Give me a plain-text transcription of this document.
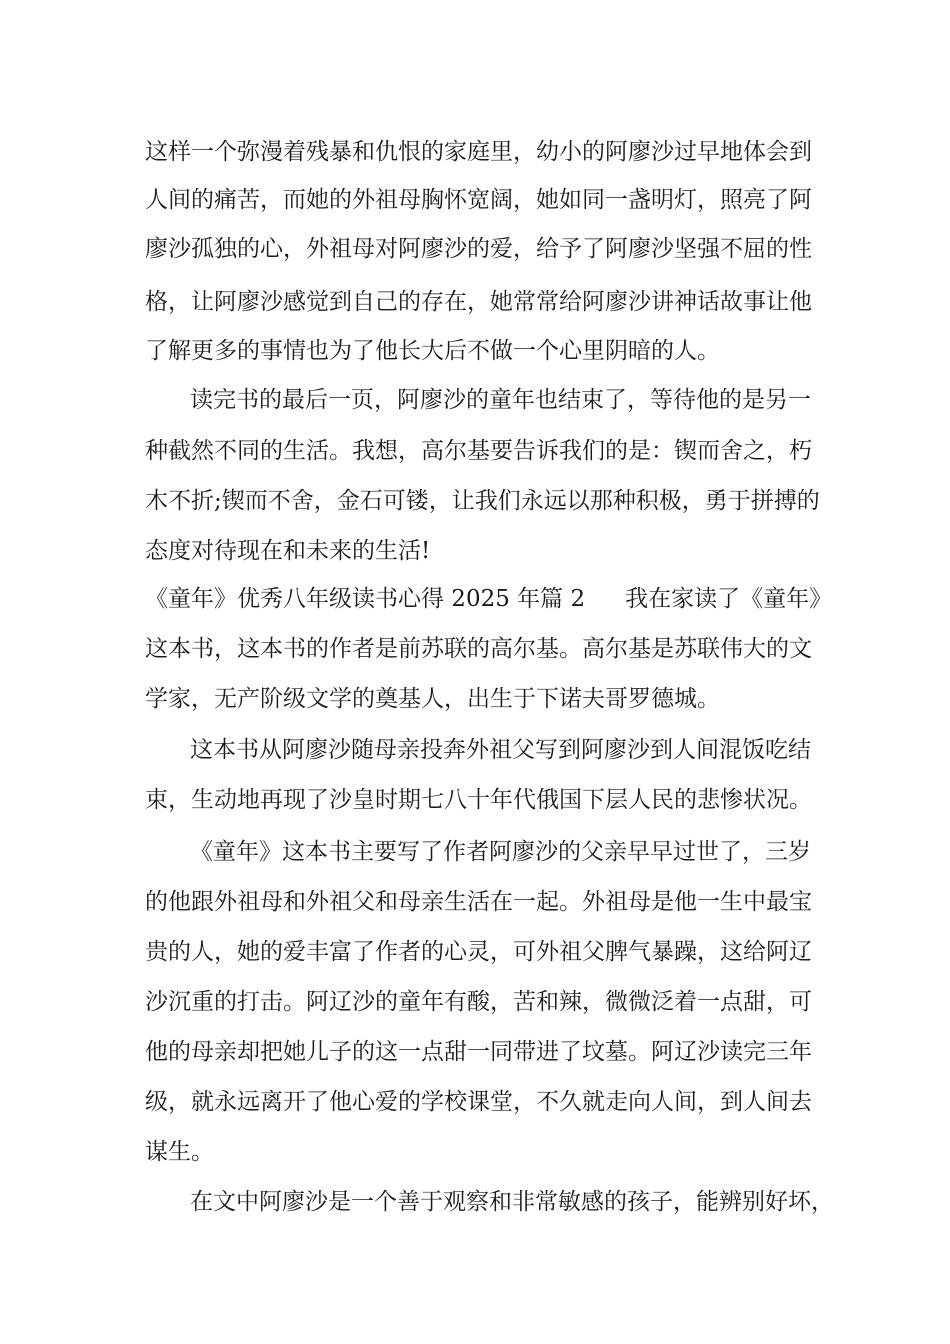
这样一个弥漫着残暴和仇恨的家庭里，幼小的阿廖沙过早地体会到
人间的痛苦，而她的外祖母胸怀宽阔，她如同一盏明灯，照亮了阿
廖沙孤独的心，外祖母对阿廖沙的爱，给予了阿廖沙坚强不屈的性
格，让阿廖沙感觉到自己的存在，她常常给阿廖沙讲神话故事让他
了解更多的事情也为了他长大后不做一个心里阴暗的人。
读完书的最后一页，阿廖沙的童年也结束了，等待他的是另一
种截然不同的生活。我想，高尔基要告诉我们的是：锲而舍之，朽
木不折;锲而不舍，金石可镂，让我们永远以那种积极，勇于拼搏的
态度对待现在和未来的生活!
《童年》优秀八年级读书心得 2025 年篇 2 我在家读了《童年》
这本书，这本书的作者是前苏联的高尔基。高尔基是苏联伟大的文
学家，无产阶级文学的奠基人，出生于下诺夫哥罗德城。
这本书从阿廖沙随母亲投奔外祖父写到阿廖沙到人间混饭吃结
束，生动地再现了沙皇时期七八十年代俄国下层人民的悲惨状况。
《童年》这本书主要写了作者阿廖沙的父亲早早过世了，三岁
的他跟外祖母和外祖父和母亲生活在一起。外祖母是他一生中最宝
贵的人，她的爱丰富了作者的心灵，可外祖父脾气暴躁，这给阿辽
沙沉重的打击。阿辽沙的童年有酸，苦和辣，微微泛着一点甜，可
他的母亲却把她儿子的这一点甜一同带进了坟墓。阿辽沙读完三年
级，就永远离开了他心爱的学校课堂，不久就走向人间，到人间去
谋生。
在文中阿廖沙是一个善于观察和非常敏感的孩子，能辨别好坏，
